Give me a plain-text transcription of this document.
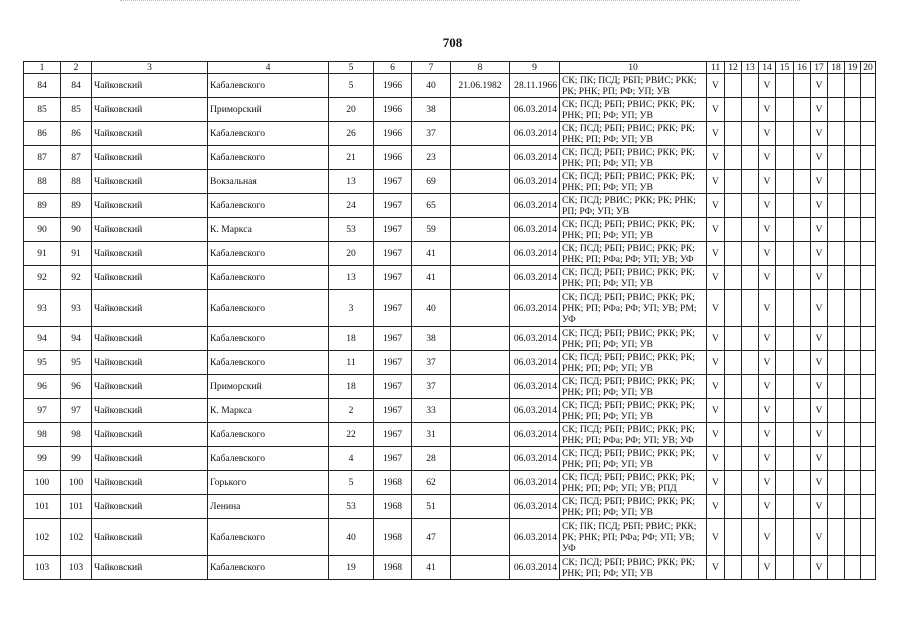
708
1	2	3	4	5	6	7	8	9	10	11	12	13	14	15	16	17	18	19	20
84	84	Чайковский	Кабалевского	5	1966	40	21.06.1982	28.11.1966	СК; ПК; ПСД; РБП; РВИС; РКК; РК; РНК; РП; РФ; УП; УВ	V			V			V			
85	85	Чайковский	Приморский	20	1966	38		06.03.2014	СК; ПСД; РБП; РВИС; РКК; РК; РНК; РП; РФ; УП; УВ	V			V			V			
86	86	Чайковский	Кабалевского	26	1966	37		06.03.2014	СК; ПСД; РБП; РВИС; РКК; РК; РНК; РП; РФ; УП; УВ	V			V			V			
87	87	Чайковский	Кабалевского	21	1966	23		06.03.2014	СК; ПСД; РБП; РВИС; РКК; РК; РНК; РП; РФ; УП; УВ	V			V			V			
88	88	Чайковский	Вокзальная	13	1967	69		06.03.2014	СК; ПСД; РБП; РВИС; РКК; РК; РНК; РП; РФ; УП; УВ	V			V			V			
89	89	Чайковский	Кабалевского	24	1967	65		06.03.2014	СК; ПСД; РВИС; РКК; РК; РНК; РП; РФ; УП; УВ	V			V			V			
90	90	Чайковский	К. Маркса	53	1967	59		06.03.2014	СК; ПСД; РБП; РВИС; РКК; РК; РНК; РП; РФ; УП; УВ	V			V			V			
91	91	Чайковский	Кабалевского	20	1967	41		06.03.2014	СК; ПСД; РБП; РВИС; РКК; РК; РНК; РП; РФа; РФ; УП; УВ; УФ	V			V			V			
92	92	Чайковский	Кабалевского	13	1967	41		06.03.2014	СК; ПСД; РБП; РВИС; РКК; РК; РНК; РП; РФ; УП; УВ	V			V			V			
93	93	Чайковский	Кабалевского	3	1967	40		06.03.2014	СК; ПСД; РБП; РВИС; РКК; РК; РНК; РП; РФа; РФ; УП; УВ; РМ; УФ	V			V			V			
94	94	Чайковский	Кабалевского	18	1967	38		06.03.2014	СК; ПСД; РБП; РВИС; РКК; РК; РНК; РП; РФ; УП; УВ	V			V			V			
95	95	Чайковский	Кабалевского	11	1967	37		06.03.2014	СК; ПСД; РБП; РВИС; РКК; РК; РНК; РП; РФ; УП; УВ	V			V			V			
96	96	Чайковский	Приморский	18	1967	37		06.03.2014	СК; ПСД; РБП; РВИС; РКК; РК; РНК; РП; РФ; УП; УВ	V			V			V			
97	97	Чайковский	К. Маркса	2	1967	33		06.03.2014	СК; ПСД; РБП; РВИС; РКК; РК; РНК; РП; РФ; УП; УВ	V			V			V			
98	98	Чайковский	Кабалевского	22	1967	31		06.03.2014	СК; ПСД; РБП; РВИС; РКК; РК; РНК; РП; РФа; РФ; УП; УВ; УФ	V			V			V			
99	99	Чайковский	Кабалевского	4	1967	28		06.03.2014	СК; ПСД; РБП; РВИС; РКК; РК; РНК; РП; РФ; УП; УВ	V			V			V			
100	100	Чайковский	Горького	5	1968	62		06.03.2014	СК; ПСД; РБП; РВИС; РКК; РК; РНК; РП; РФ; УП; УВ; РПД	V			V			V			
101	101	Чайковский	Ленина	53	1968	51		06.03.2014	СК; ПСД; РБП; РВИС; РКК; РК; РНК; РП; РФ; УП; УВ	V			V			V			
102	102	Чайковский	Кабалевского	40	1968	47		06.03.2014	СК; ПК; ПСД; РБП; РВИС; РКК; РК; РНК; РП; РФа; РФ; УП; УВ; УФ	V			V			V			
103	103	Чайковский	Кабалевского	19	1968	41		06.03.2014	СК; ПСД; РБП; РВИС; РКК; РК; РНК; РП; РФ; УП; УВ	V			V			V			
